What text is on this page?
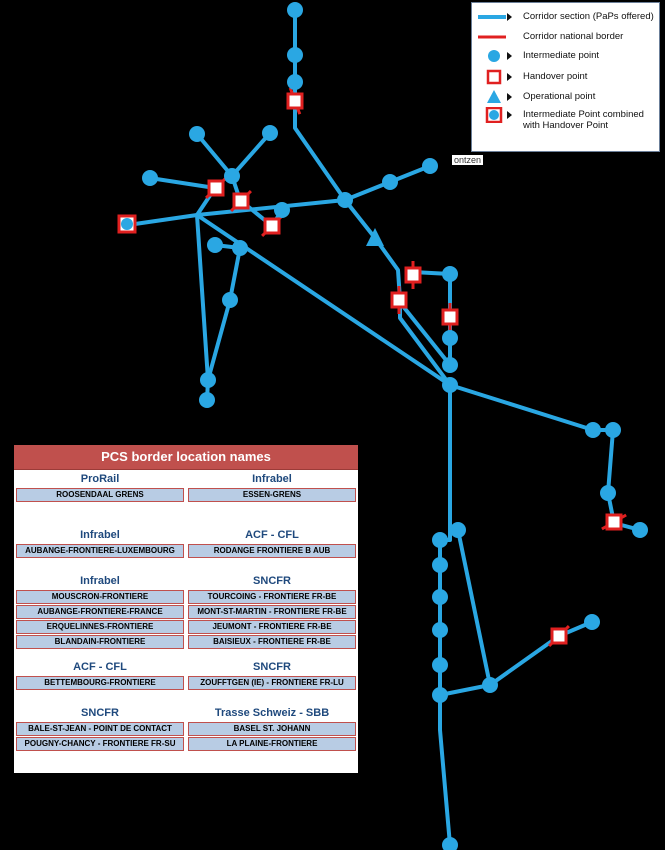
Corridor section (PaPs offered)
Corridor national border
Intermediate point
Handover point
Operational point
Intermediate Point combined with Handover Point
ontzen
PCS border location names
ProRail	Infrabel
ROOSENDAAL GRENS	ESSEN-GRENS
Infrabel	ACF - CFL
AUBANGE-FRONTIERE-LUXEMBOURG	RODANGE FRONTIERE B AUB
Infrabel	SNCFR
MOUSCRON-FRONTIERE	TOURCOING - FRONTIERE FR-BE
AUBANGE-FRONTIERE-FRANCE	MONT-ST-MARTIN - FRONTIERE FR-BE
ERQUELINNES-FRONTIERE	JEUMONT - FRONTIERE FR-BE
BLANDAIN-FRONTIERE	BAISIEUX - FRONTIERE FR-BE
ACF - CFL	SNCFR
BETTEMBOURG-FRONTIERE	ZOUFFTGEN (IE) - FRONTIERE FR-LU
SNCFR	Trasse Schweiz - SBB
BALE-ST-JEAN - POINT DE CONTACT	BASEL ST. JOHANN
POUGNY-CHANCY - FRONTIERE FR-SU	LA PLAINE-FRONTIERE
